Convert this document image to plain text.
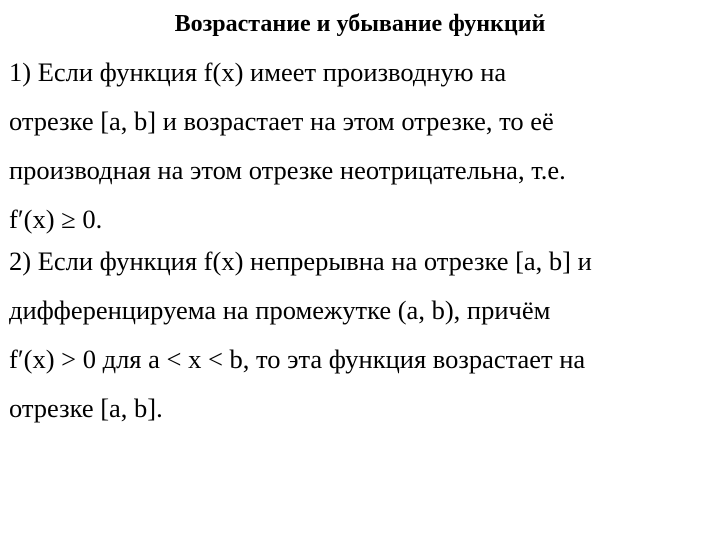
Возрастание и убывание функций
1) Если функция f(x) имеет производную на
отрезке [a, b] и возрастает на этом отрезке, то её
производная на этом отрезке неотрицательна, т.е.
f′(x) ≥ 0.
2) Если функция f(x) непрерывна на отрезке [a, b] и
дифференцируема на промежутке (a, b), причём
f′(x) > 0 для a < x < b, то эта функция возрастает на
отрезке [a, b].
